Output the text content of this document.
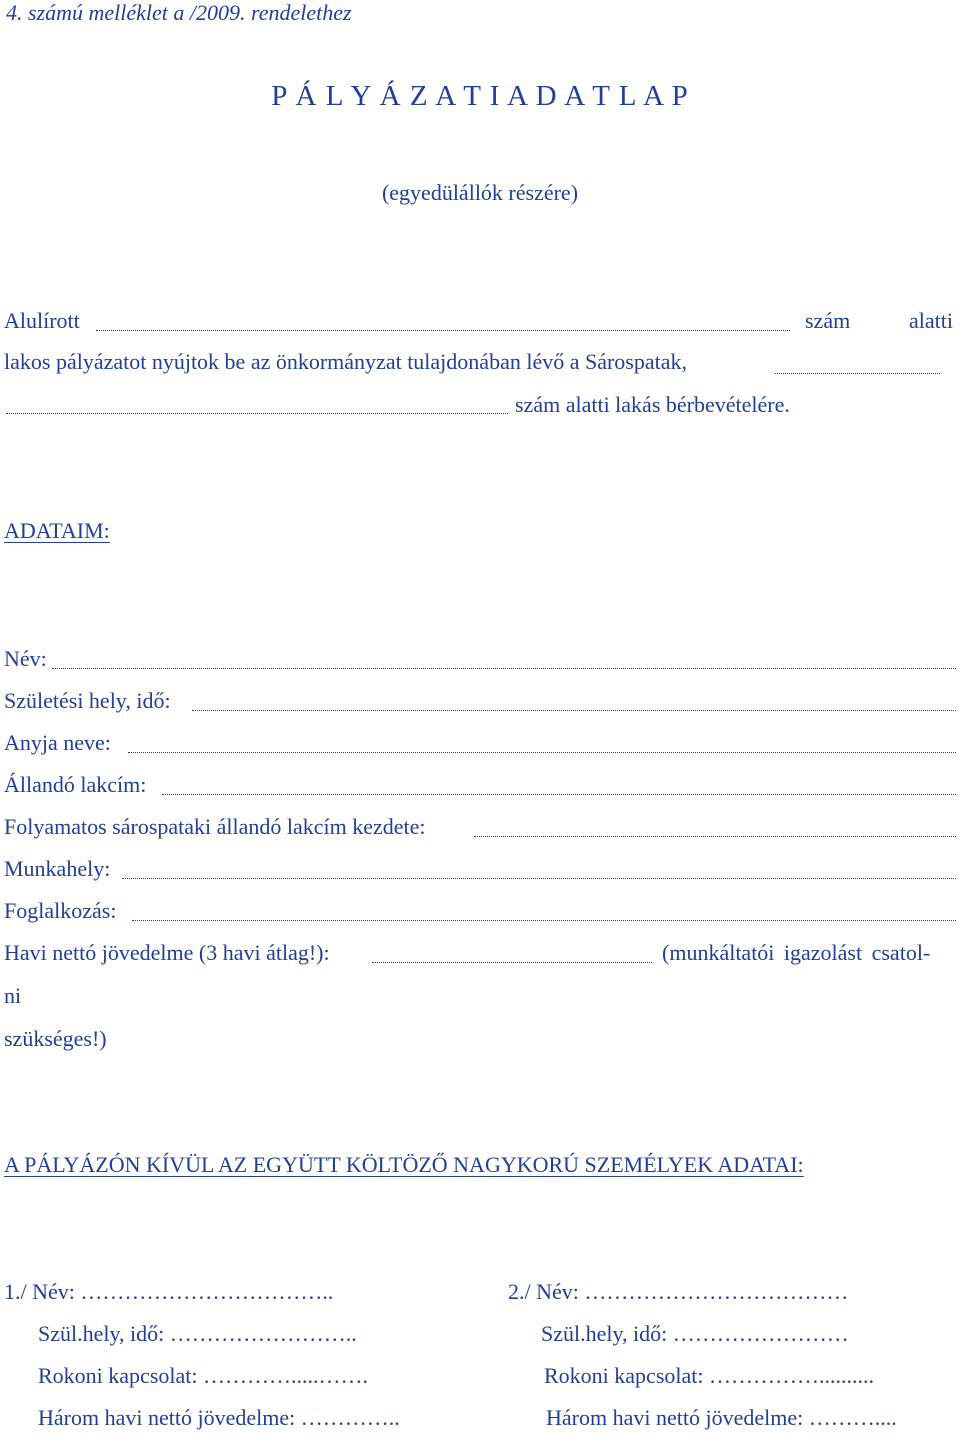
4. számú melléklet a /2009. rendelethez
P Á L Y Á Z A T I A D A T L A P
(egyedülállók részére)
Alulírott	szám	alatti
lakos pályázatot nyújtok be az önkormányzat tulajdonában lévő a Sárospatak,
szám alatti lakás bérbevételére.
ADATAIM:
Név:
Születési hely, idő:
Anyja neve:
Állandó lakcím:
Folyamatos sárospataki állandó lakcím kezdete:
Munkahely:
Foglalkozás:
Havi nettó jövedelme (3 havi átlag!):	(munkáltatói igazolást csatol-
ni
szükséges!)
A PÁLYÁZÓN KÍVÜL AZ EGYÜTT KÖLTÖZŐ NAGYKORÚ SZEMÉLYEK ADATAI:
1./ Név: ……………………………..
Szül.hely, idő: ……………………..
Rokoni kapcsolat: ………….....…….
Három havi nettó jövedelme: …………..
2./ Név: ………………………………
Szül.hely, idő: ……………………
Rokoni kapcsolat: ……………..........
Három havi nettó jövedelme: ………....
